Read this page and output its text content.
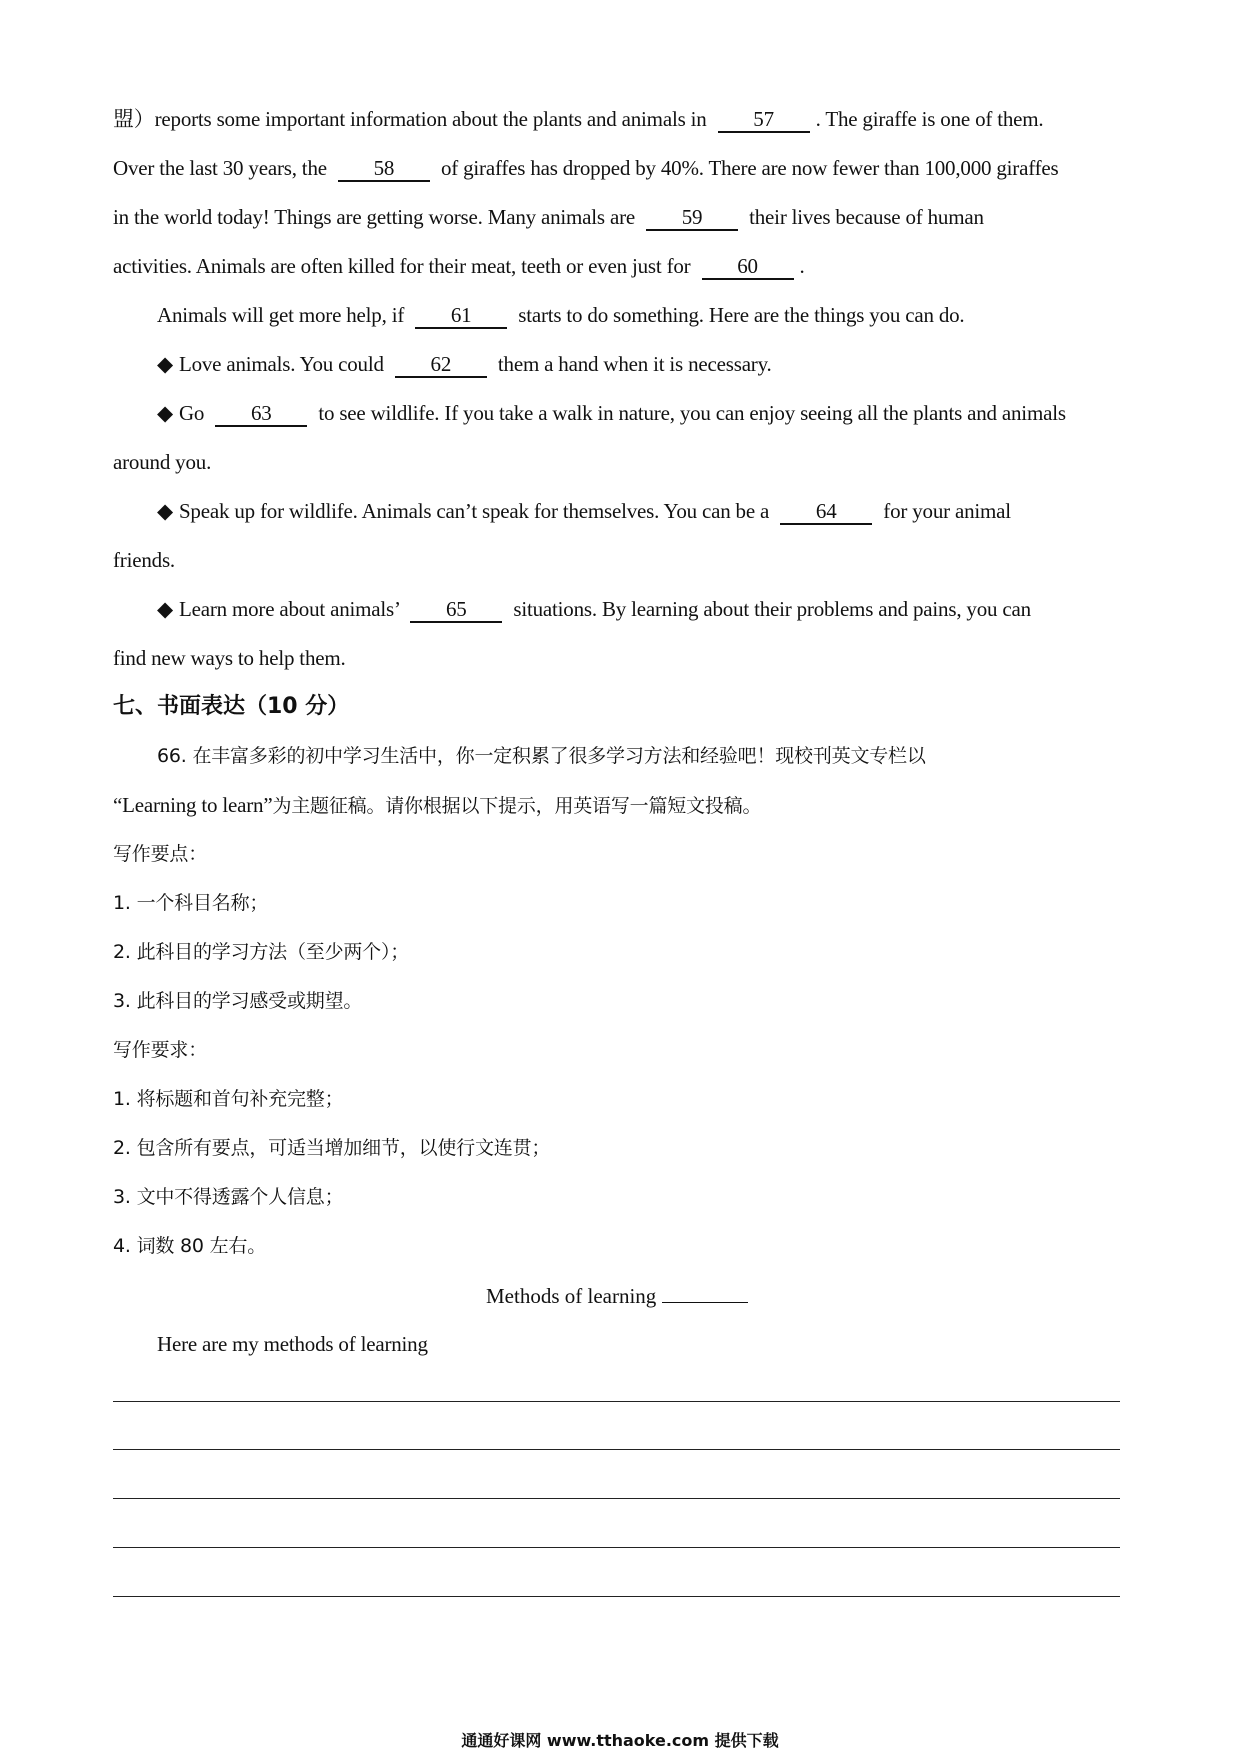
盟）reports some important information about the plants and animals in 57 . The giraffe is one of them.
Over the last 30 years, the 58 of giraffes has dropped by 40%. There are now fewer than 100,000 giraffes
in the world today! Things are getting worse. Many animals are 59 their lives because of human
activities. Animals are often killed for their meat, teeth or even just for 60 .
Animals will get more help, if 61 starts to do something. Here are the things you can do.
◆ Love animals. You could 62 them a hand when it is necessary.
◆ Go 63 to see wildlife. If you take a walk in nature, you can enjoy seeing all the plants and animals
around you.
◆ Speak up for wildlife. Animals can’t speak for themselves. You can be a 64 for your animal
friends.
◆ Learn more about animals’ 65 situations. By learning about their problems and pains, you can
find new ways to help them.
七、书面表达（10 分）
66. 在丰富多彩的初中学习生活中，你一定积累了很多学习方法和经验吧！现校刊英文专栏以
“Learning to learn”为主题征稿。请你根据以下提示，用英语写一篇短文投稿。
写作要点：
1. 一个科目名称；
2. 此科目的学习方法（至少两个）；
3. 此科目的学习感受或期望。
写作要求：
1. 将标题和首句补充完整；
2. 包含所有要点，可适当增加细节，以使行文连贯；
3. 文中不得透露个人信息；
4. 词数 80 左右。
Methods of learning
Here are my methods of learning
通通好课网 www.tthaoke.com 提供下载
